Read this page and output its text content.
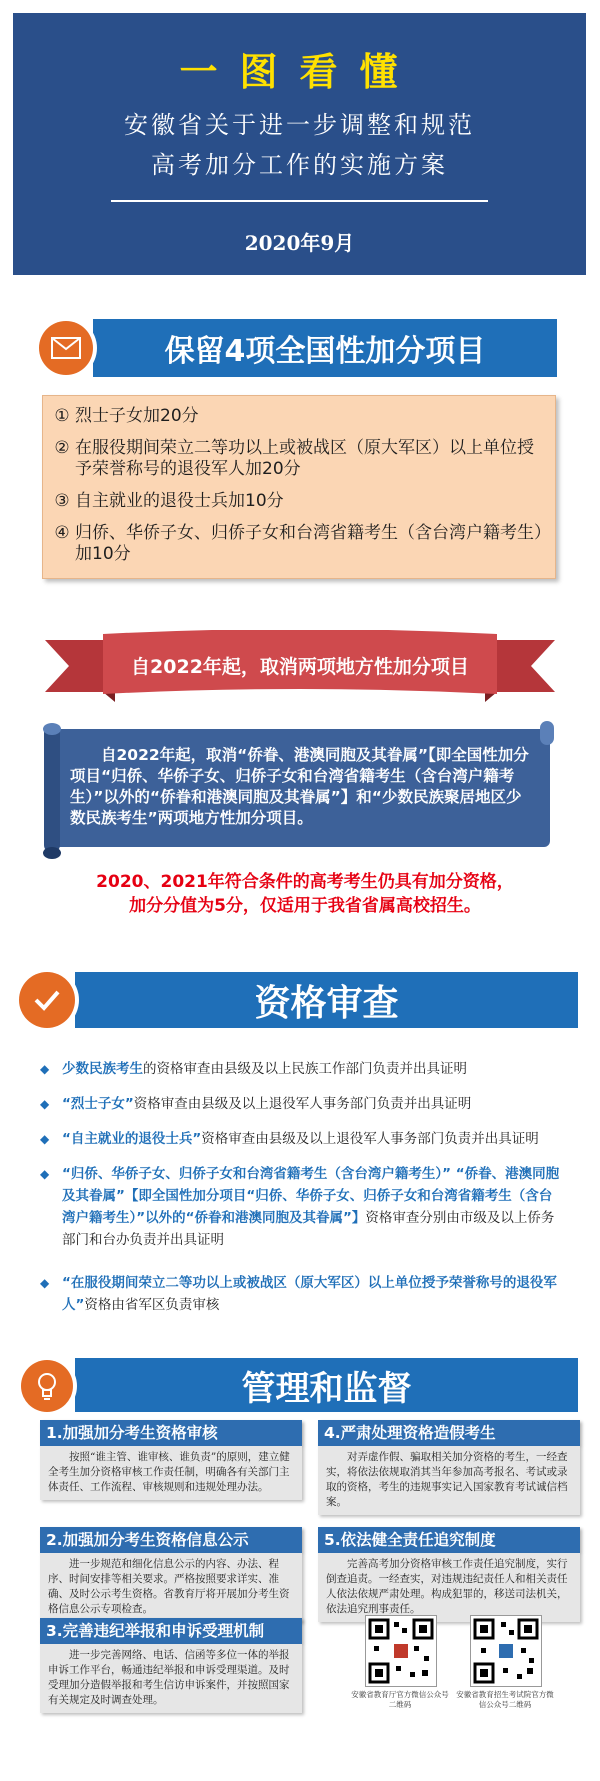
一图看懂
安徽省关于进一步调整和规范
高考加分工作的实施方案
2020年9月
保留4项全国性加分项目
① 烈士子女加20分
② 在服役期间荣立二等功以上或被战区（原大军区）以上单位授予荣誉称号的退役军人加20分
③ 自主就业的退役士兵加10分
④ 归侨、华侨子女、归侨子女和台湾省籍考生（含台湾户籍考生）加10分
自2022年起，取消两项地方性加分项目
自2022年起，取消“侨眷、港澳同胞及其眷属”【即全国性加分项目“归侨、华侨子女、归侨子女和台湾省籍考生（含台湾户籍考生）”以外的“侨眷和港澳同胞及其眷属”】和“少数民族聚居地区少数民族考生”两项地方性加分项目。
2020、2021年符合条件的高考考生仍具有加分资格，
加分分值为5分，仅适用于我省省属高校招生。
资格审查
◆ 少数民族考生的资格审查由县级及以上民族工作部门负责并出具证明
◆ “烈士子女”资格审查由县级及以上退役军人事务部门负责并出具证明
◆ “自主就业的退役士兵”资格审查由县级及以上退役军人事务部门负责并出具证明
◆ “归侨、华侨子女、归侨子女和台湾省籍考生（含台湾户籍考生）” “侨眷、港澳同胞及其眷属”【即全国性加分项目“归侨、华侨子女、归侨子女和台湾省籍考生（含台湾户籍考生）”以外的“侨眷和港澳同胞及其眷属”】资格审查分别由市级及以上侨务部门和台办负责并出具证明
◆ “在服役期间荣立二等功以上或被战区（原大军区）以上单位授予荣誉称号的退役军人”资格由省军区负责审核
管理和监督
1.加强加分考生资格审核
按照“谁主管、谁审核、谁负责”的原则，建立健全考生加分资格审核工作责任制，明确各有关部门主体责任、工作流程、审核规则和违规处理办法。
2.加强加分考生资格信息公示
进一步规范和细化信息公示的内容、办法、程序、时间安排等相关要求。严格按照要求详实、准确、及时公示考生资格。省教育厅将开展加分考生资格信息公示专项检查。
3.完善违纪举报和申诉受理机制
进一步完善网络、电话、信函等多位一体的举报申诉工作平台，畅通违纪举报和申诉受理渠道。及时受理加分造假举报和考生信访申诉案件，并按照国家有关规定及时调查处理。
4.严肃处理资格造假考生
对弄虚作假、骗取相关加分资格的考生，一经查实，将依法依规取消其当年参加高考报名、考试或录取的资格，考生的违规事实记入国家教育考试诚信档案。
5.依法健全责任追究制度
完善高考加分资格审核工作责任追究制度，实行倒查追责。一经查实，对违规违纪责任人和相关责任人依法依规严肃处理。构成犯罪的，移送司法机关，依法追究刑事责任。
安徽省教育厅官方微信公众号二维码
安徽省教育招生考试院官方微信公众号二维码
